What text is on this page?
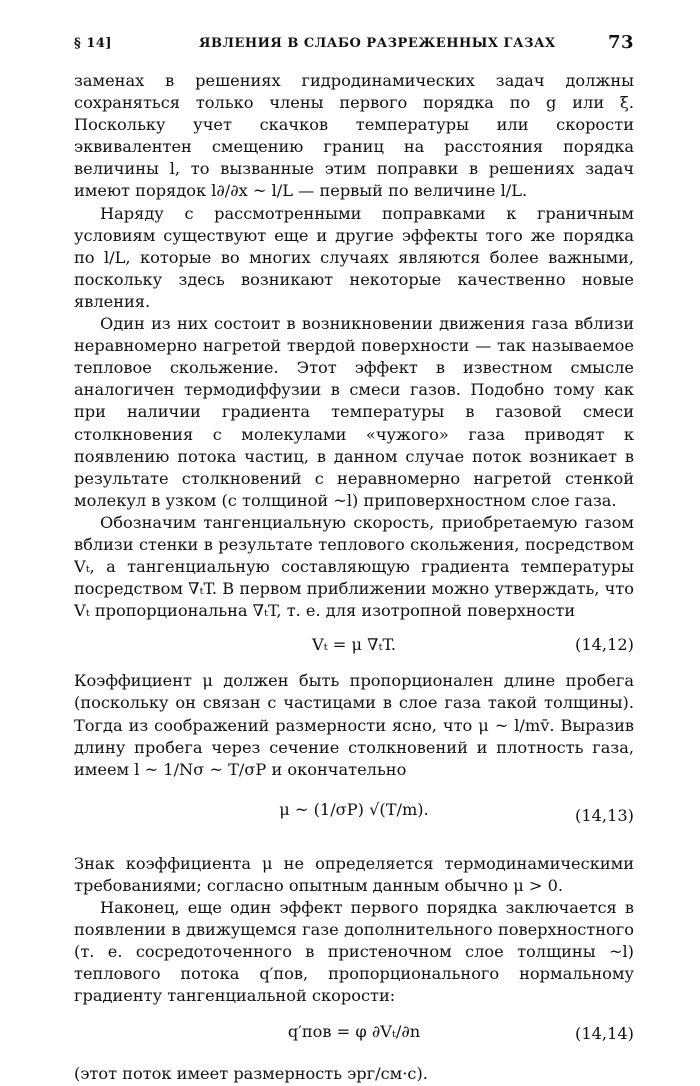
§ 14]	ЯВЛЕНИЯ В СЛАБО РАЗРЕЖЕННЫХ ГАЗАХ	73

заменах в решениях гидродинамических задач должны сохраняться только члены первого порядка по g или ξ. Поскольку учет скачков температуры или скорости эквивалентен смещению границ на расстояния порядка величины l, то вызванные этим поправки в решениях задач имеют порядок l∂/∂x ~ l/L — первый по величине l/L.

Наряду с рассмотренными поправками к граничным условиям существуют еще и другие эффекты того же порядка по l/L, которые во многих случаях являются более важными, поскольку здесь возникают некоторые качественно новые явления.

Один из них состоит в возникновении движения газа вблизи неравномерно нагретой твердой поверхности — так называемое тепловое скольжение. Этот эффект в известном смысле аналогичен термодиффузии в смеси газов. Подобно тому как при наличии градиента температуры в газовой смеси столкновения с молекулами «чужого» газа приводят к появлению потока частиц, в данном случае поток возникает в результате столкновений с неравномерно нагретой стенкой молекул в узком (с толщиной ~l) приповерхностном слое газа.

Обозначим тангенциальную скорость, приобретаемую газом вблизи стенки в результате теплового скольжения, посредством Vₜ, а тангенциальную составляющую градиента температуры посредством ∇ₜT. В первом приближении можно утверждать, что Vₜ пропорциональна ∇ₜT, т. е. для изотропной поверхности

Vₜ = μ ∇ₜT.	(14,12)

Коэффициент μ должен быть пропорционален длине пробега (поскольку он связан с частицами в слое газа такой толщины). Тогда из соображений размерности ясно, что μ ~ l/mv̄. Выразив длину пробега через сечение столкновений и плотность газа, имеем l ~ 1/Nσ ~ T/σP и окончательно

μ ~ (1/σP) √(T/m).	(14,13)

Знак коэффициента μ не определяется термодинамическими требованиями; согласно опытным данным обычно μ > 0.

Наконец, еще один эффект первого порядка заключается в появлении в движущемся газе дополнительного поверхностного (т. е. сосредоточенного в пристеночном слое толщины ~l) теплового потока q′пов, пропорционального нормальному градиенту тангенциальной скорости:

q′пов = φ ∂Vₜ/∂n	(14,14)

(этот поток имеет размерность эрг/см·с).
